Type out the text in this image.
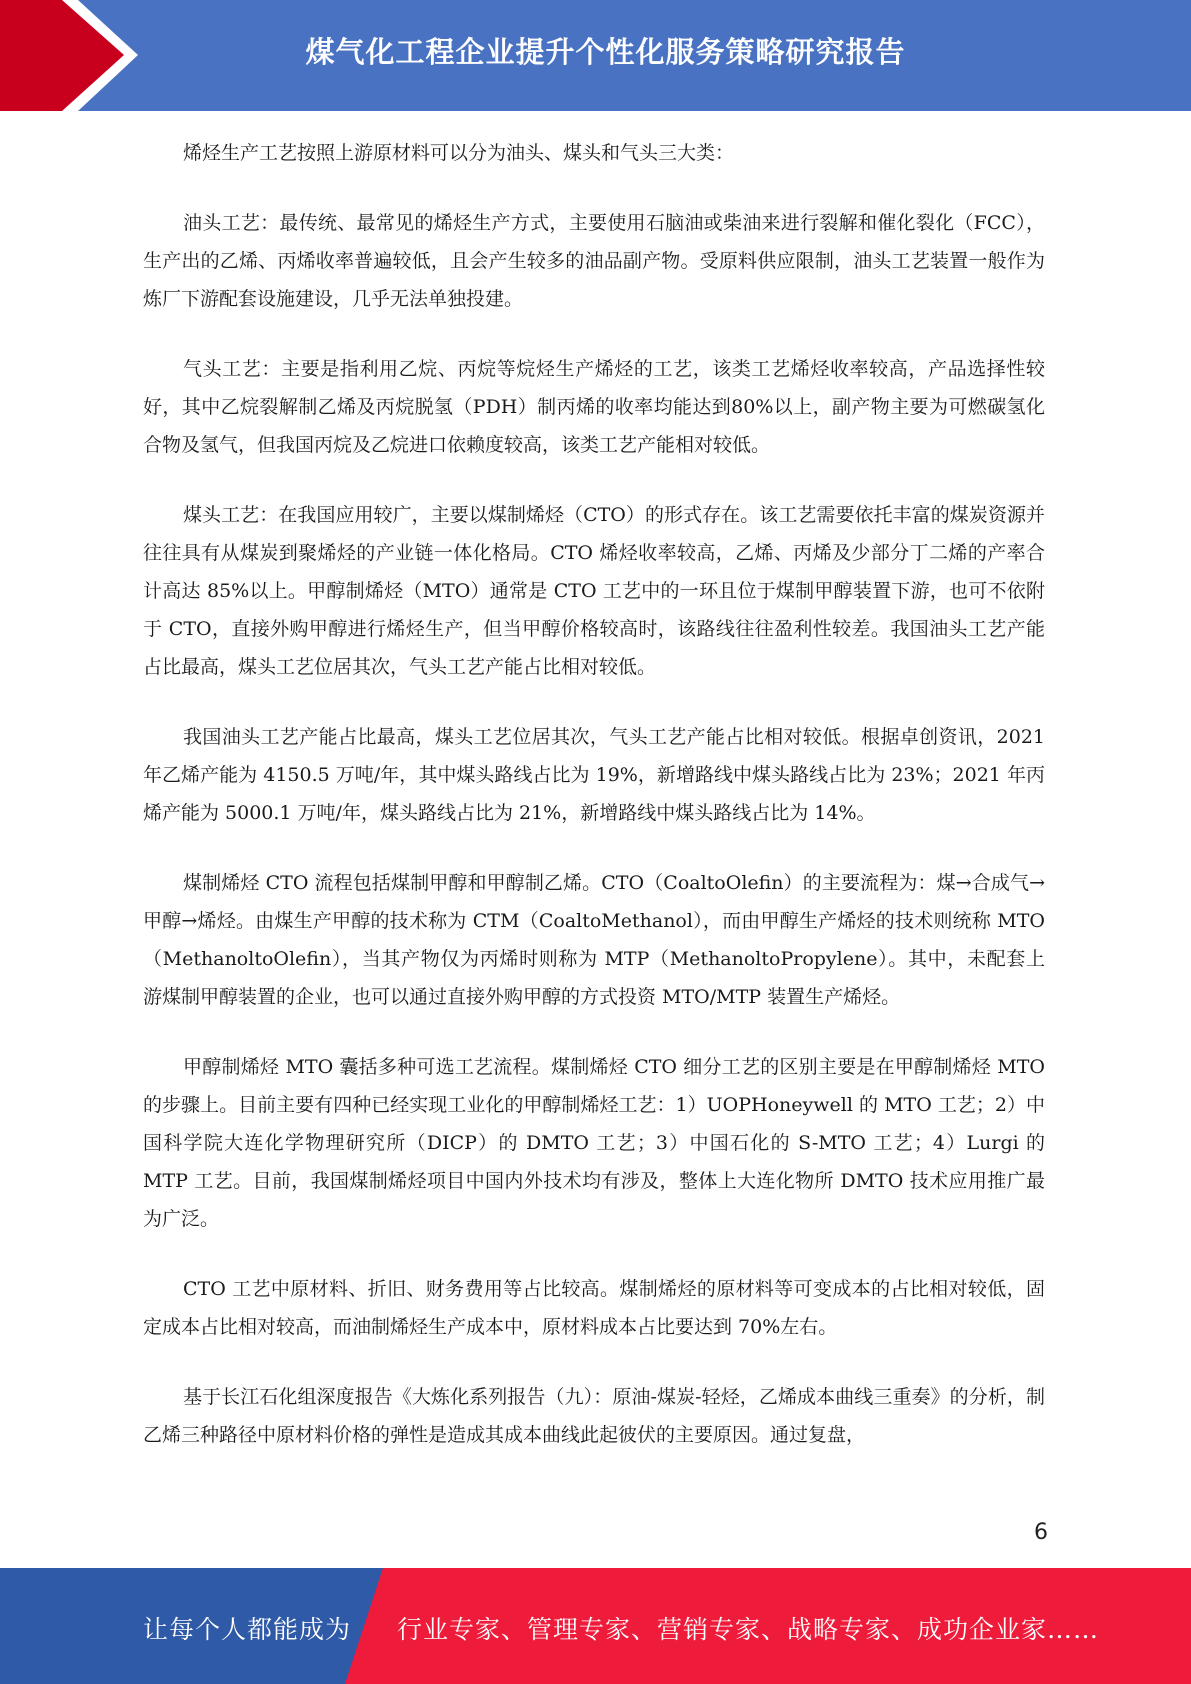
煤气化工程企业提升个性化服务策略研究报告

烯烃生产工艺按照上游原材料可以分为油头、煤头和气头三大类：

油头工艺：最传统、最常见的烯烃生产方式，主要使用石脑油或柴油来进行裂解和催化裂化（FCC），生产出的乙烯、丙烯收率普遍较低，且会产生较多的油品副产物。受原料供应限制，油头工艺装置一般作为炼厂下游配套设施建设，几乎无法单独投建。

气头工艺：主要是指利用乙烷、丙烷等烷烃生产烯烃的工艺，该类工艺烯烃收率较高，产品选择性较好，其中乙烷裂解制乙烯及丙烷脱氢（PDH）制丙烯的收率均能达到80%以上，副产物主要为可燃碳氢化合物及氢气，但我国丙烷及乙烷进口依赖度较高，该类工艺产能相对较低。

煤头工艺：在我国应用较广，主要以煤制烯烃（CTO）的形式存在。该工艺需要依托丰富的煤炭资源并往往具有从煤炭到聚烯烃的产业链一体化格局。CTO 烯烃收率较高，乙烯、丙烯及少部分丁二烯的产率合计高达 85%以上。甲醇制烯烃（MTO）通常是 CTO 工艺中的一环且位于煤制甲醇装置下游，也可不依附于 CTO，直接外购甲醇进行烯烃生产，但当甲醇价格较高时，该路线往往盈利性较差。我国油头工艺产能占比最高，煤头工艺位居其次，气头工艺产能占比相对较低。

我国油头工艺产能占比最高，煤头工艺位居其次，气头工艺产能占比相对较低。根据卓创资讯，2021 年乙烯产能为 4150.5 万吨/年，其中煤头路线占比为 19%，新增路线中煤头路线占比为 23%；2021 年丙烯产能为 5000.1 万吨/年，煤头路线占比为 21%，新增路线中煤头路线占比为 14%。

煤制烯烃 CTO 流程包括煤制甲醇和甲醇制乙烯。CTO（CoaltoOlefin）的主要流程为：煤→合成气→甲醇→烯烃。由煤生产甲醇的技术称为 CTM（CoaltoMethanol），而由甲醇生产烯烃的技术则统称 MTO（MethanoltoOlefin），当其产物仅为丙烯时则称为 MTP（MethanoltoPropylene）。其中，未配套上游煤制甲醇装置的企业，也可以通过直接外购甲醇的方式投资 MTO/MTP 装置生产烯烃。

甲醇制烯烃 MTO 囊括多种可选工艺流程。煤制烯烃 CTO 细分工艺的区别主要是在甲醇制烯烃 MTO 的步骤上。目前主要有四种已经实现工业化的甲醇制烯烃工艺：1）UOPHoneywell 的 MTO 工艺；2）中国科学院大连化学物理研究所（DICP）的 DMTO 工艺；3）中国石化的 S-MTO 工艺；4）Lurgi 的 MTP 工艺。目前，我国煤制烯烃项目中国内外技术均有涉及，整体上大连化物所 DMTO 技术应用推广最为广泛。

CTO 工艺中原材料、折旧、财务费用等占比较高。煤制烯烃的原材料等可变成本的占比相对较低，固定成本占比相对较高，而油制烯烃生产成本中，原材料成本占比要达到 70%左右。

基于长江石化组深度报告《大炼化系列报告（九）：原油-煤炭-轻烃，乙烯成本曲线三重奏》的分析，制乙烯三种路径中原材料价格的弹性是造成其成本曲线此起彼伏的主要原因。通过复盘，

6
让每个人都能成为 行业专家、管理专家、营销专家、战略专家、成功企业家……
